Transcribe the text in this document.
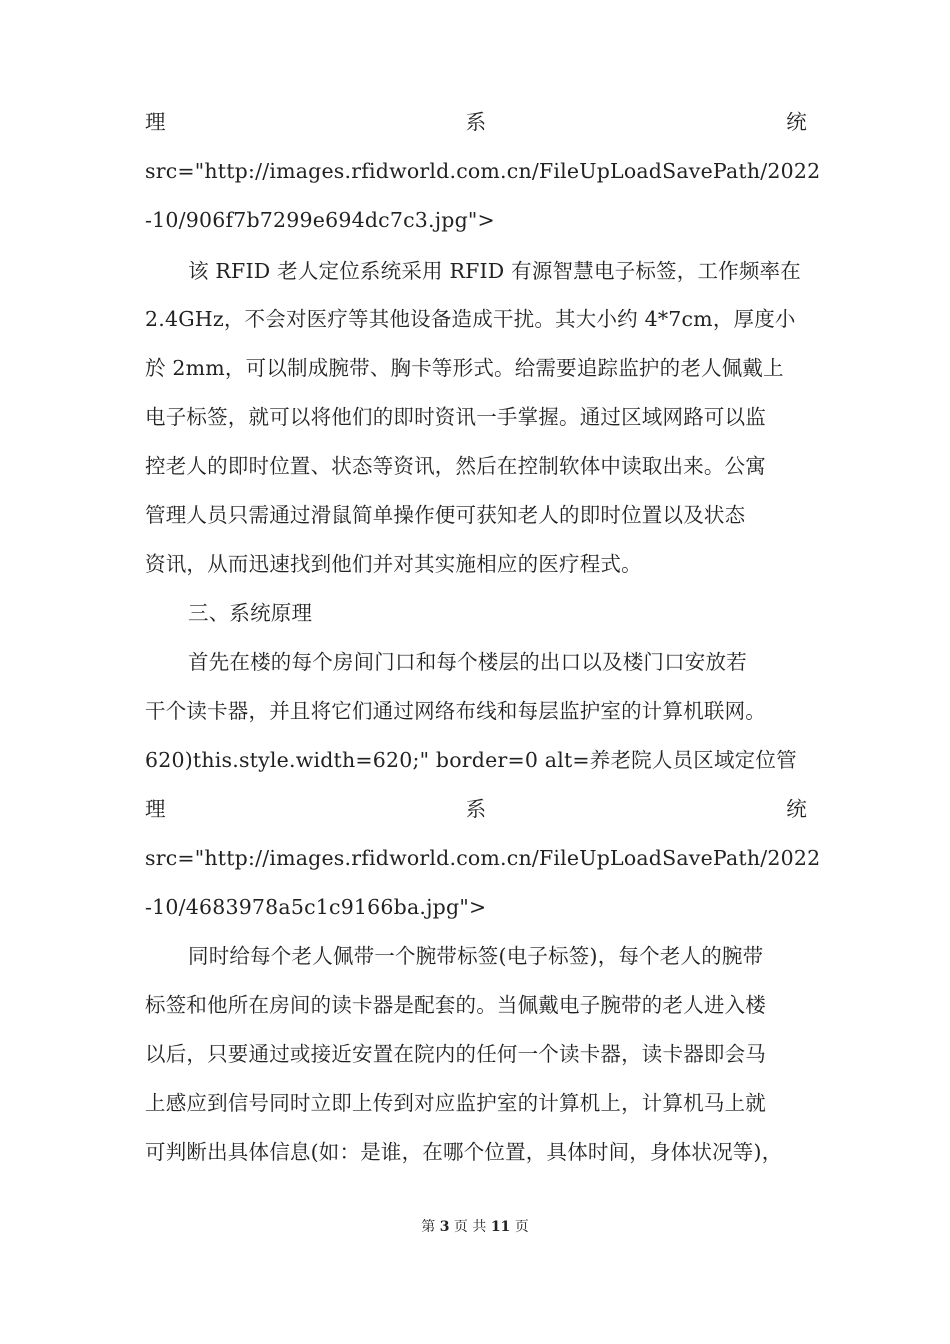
理	系	统
src="http://images.rfidworld.com.cn/FileUpLoadSavePath/2022
-10/906f7b7299e694dc7c3.jpg">
该 RFID 老人定位系统采用 RFID 有源智慧电子标签，工作频率在
2.4GHz，不会对医疗等其他设备造成干扰。其大小约 4*7cm，厚度小
於 2mm，可以制成腕带、胸卡等形式。给需要追踪监护的老人佩戴上
电子标签，就可以将他们的即时资讯一手掌握。通过区域网路可以监
控老人的即时位置、状态等资讯，然后在控制软体中读取出来。公寓
管理人员只需通过滑鼠简单操作便可获知老人的即时位置以及状态
资讯，从而迅速找到他们并对其实施相应的医疗程式。
三、系统原理
首先在楼的每个房间门口和每个楼层的出口以及楼门口安放若
干个读卡器，并且将它们通过网络布线和每层监护室的计算机联网。
620)this.style.width=620;" border=0 alt=养老院人员区域定位管
理	系	统
src="http://images.rfidworld.com.cn/FileUpLoadSavePath/2022
-10/4683978a5c1c9166ba.jpg">
同时给每个老人佩带一个腕带标签(电子标签)，每个老人的腕带
标签和他所在房间的读卡器是配套的。当佩戴电子腕带的老人进入楼
以后，只要通过或接近安置在院内的任何一个读卡器，读卡器即会马
上感应到信号同时立即上传到对应监护室的计算机上，计算机马上就
可判断出具体信息(如：是谁，在哪个位置，具体时间，身体状况等)，
第 3 页 共 11 页
